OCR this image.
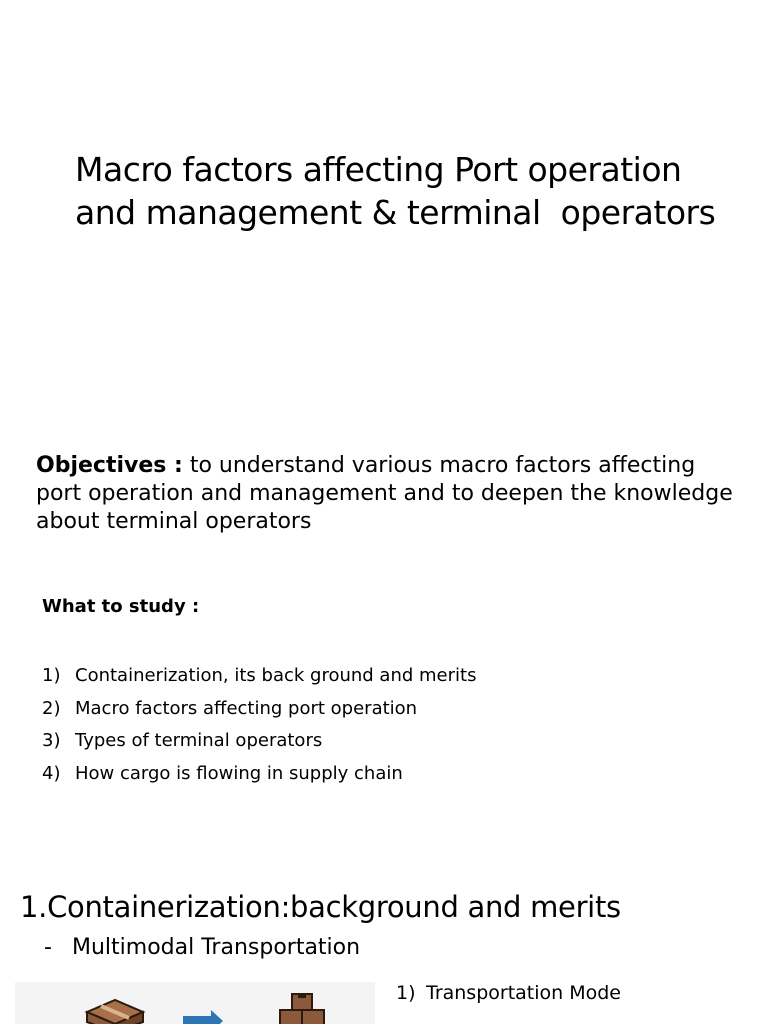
Macro factors affecting Port operation
and management & terminal  operators
Objectives : to understand various macro factors affecting port operation and management and to deepen the knowledge about terminal operators
What to study :
1) Containerization, its back ground and merits
2) Macro factors affecting port operation
3) Types of terminal operators
4) How cargo is flowing in supply chain
1.Containerization:background and merits
- Multimodal Transportation
1) Transportation Mode
